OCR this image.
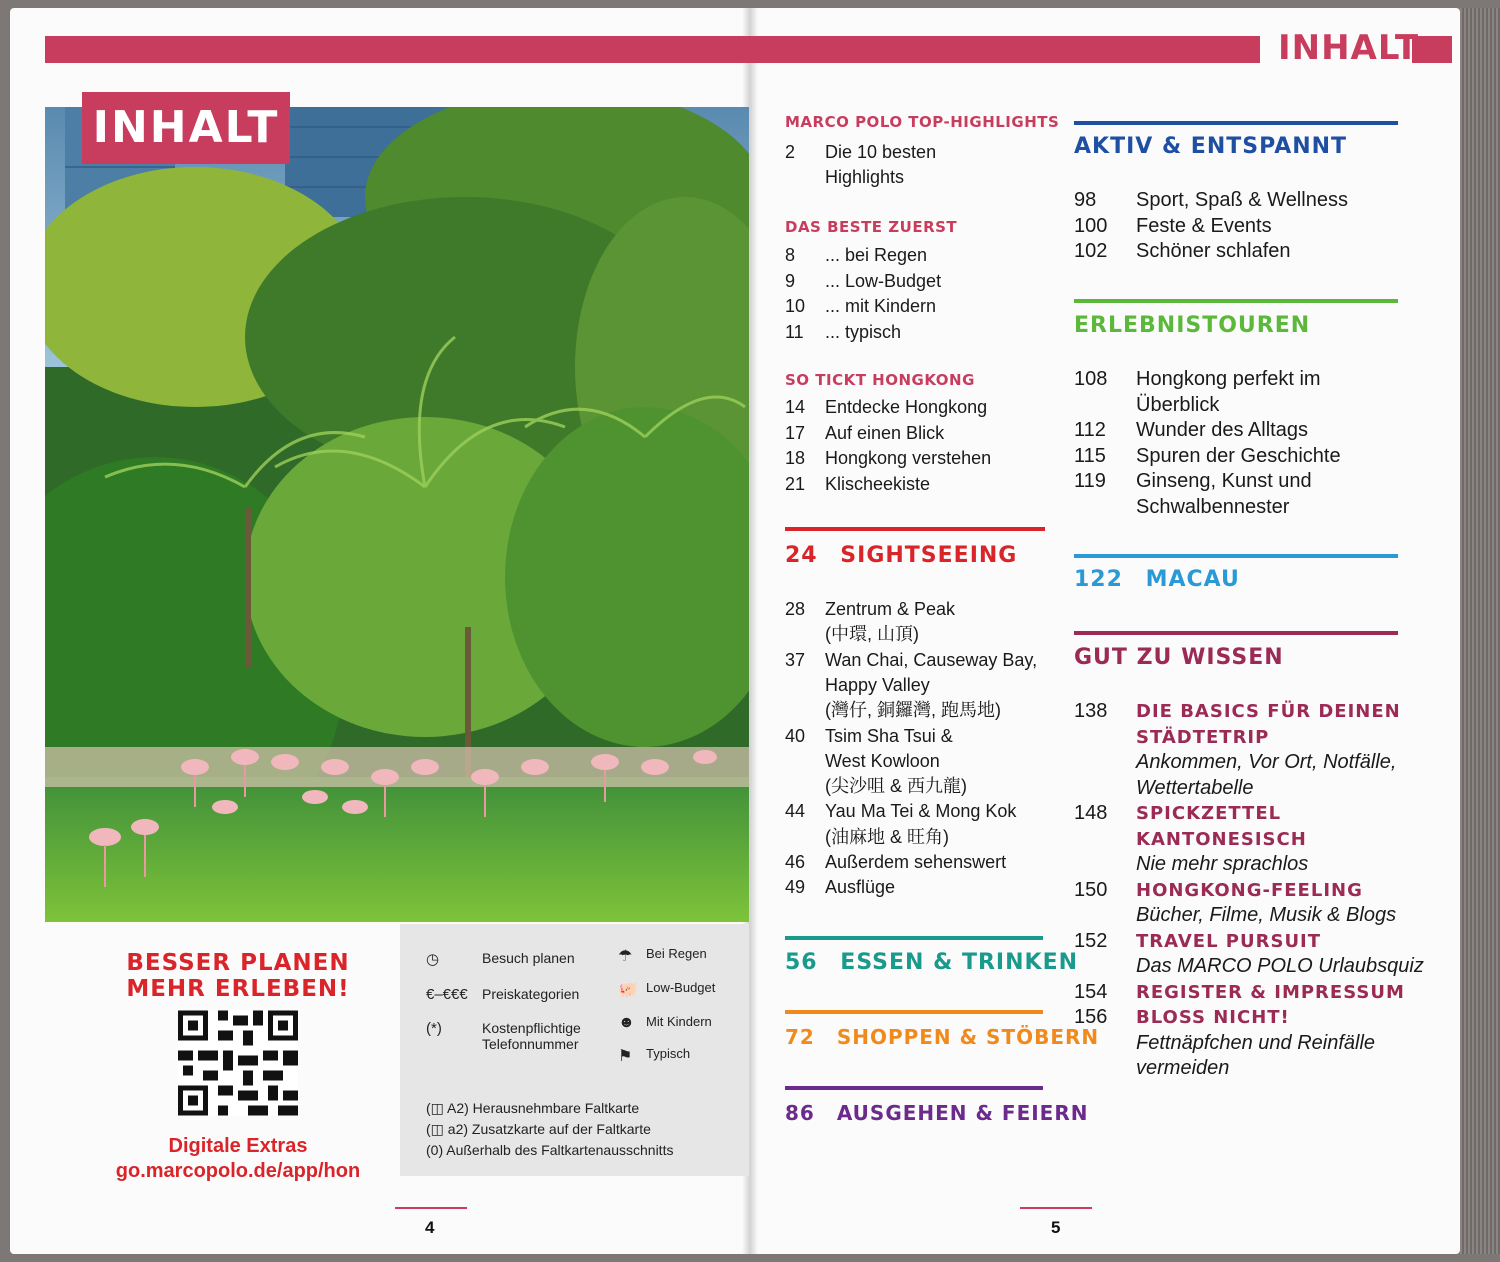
INHALT
INHALT
BESSER PLANEN
MEHR ERLEBEN!
Digitale Extras
go.marcopolo.de/app/hon
◷	Besuch planen
€–€€€	Preiskategorien
(*)	Kostenpflichtige Telefonnummer
☂	Bei Regen
🐖 Low-Budget
☻ Mit Kindern
⚑	Typisch
(◫ A2) Herausnehmbare Faltkarte
(◫ a2) Zusatzkarte auf der Faltkarte
(0) Außerhalb des Faltkartenausschnitts
4	5
MARCO POLO TOP-HIGHLIGHTS
2	Die 10 besten
Highlights
DAS BESTE ZUERST
8	... bei Regen
9	... Low-Budget
10	... mit Kindern
11	... typisch
SO TICKT HONGKONG
14	Entdecke Hongkong
17	Auf einen Blick
18	Hongkong verstehen
21	Klischeekiste
24 SIGHTSEEING
28	Zentrum & Peak
(中環, 山頂)
37	Wan Chai, Causeway Bay,
Happy Valley
(灣仔, 銅鑼灣, 跑馬地)
40	Tsim Sha Tsui &
West Kowloon
(尖沙咀 & 西九龍)
44	Yau Ma Tei & Mong Kok
(油麻地 & 旺角)
46	Außerdem sehenswert
49	Ausflüge
56 ESSEN & TRINKEN
72 SHOPPEN & STÖBERN
86 AUSGEHEN & FEIERN
AKTIV & ENTSPANNT
98	Sport, Spaß & Wellness
100	Feste & Events
102	Schöner schlafen
ERLEBNISTOUREN
108	Hongkong perfekt im
Überblick
112	Wunder des Alltags
115	Spuren der Geschichte
119	Ginseng, Kunst und
Schwalbennester
122 MACAU
GUT ZU WISSEN
138	DIE BASICS FÜR DEINEN
STÄDTETRIP
Ankommen, Vor Ort, Notfälle,
Wettertabelle
148	SPICKZETTEL
KANTONESISCH
Nie mehr sprachlos
150	HONGKONG-FEELING
Bücher, Filme, Musik & Blogs
152	TRAVEL PURSUIT
Das MARCO POLO Urlaubsquiz
154	REGISTER & IMPRESSUM
156	BLOSS NICHT!
Fettnäpfchen und Reinfälle
vermeiden
